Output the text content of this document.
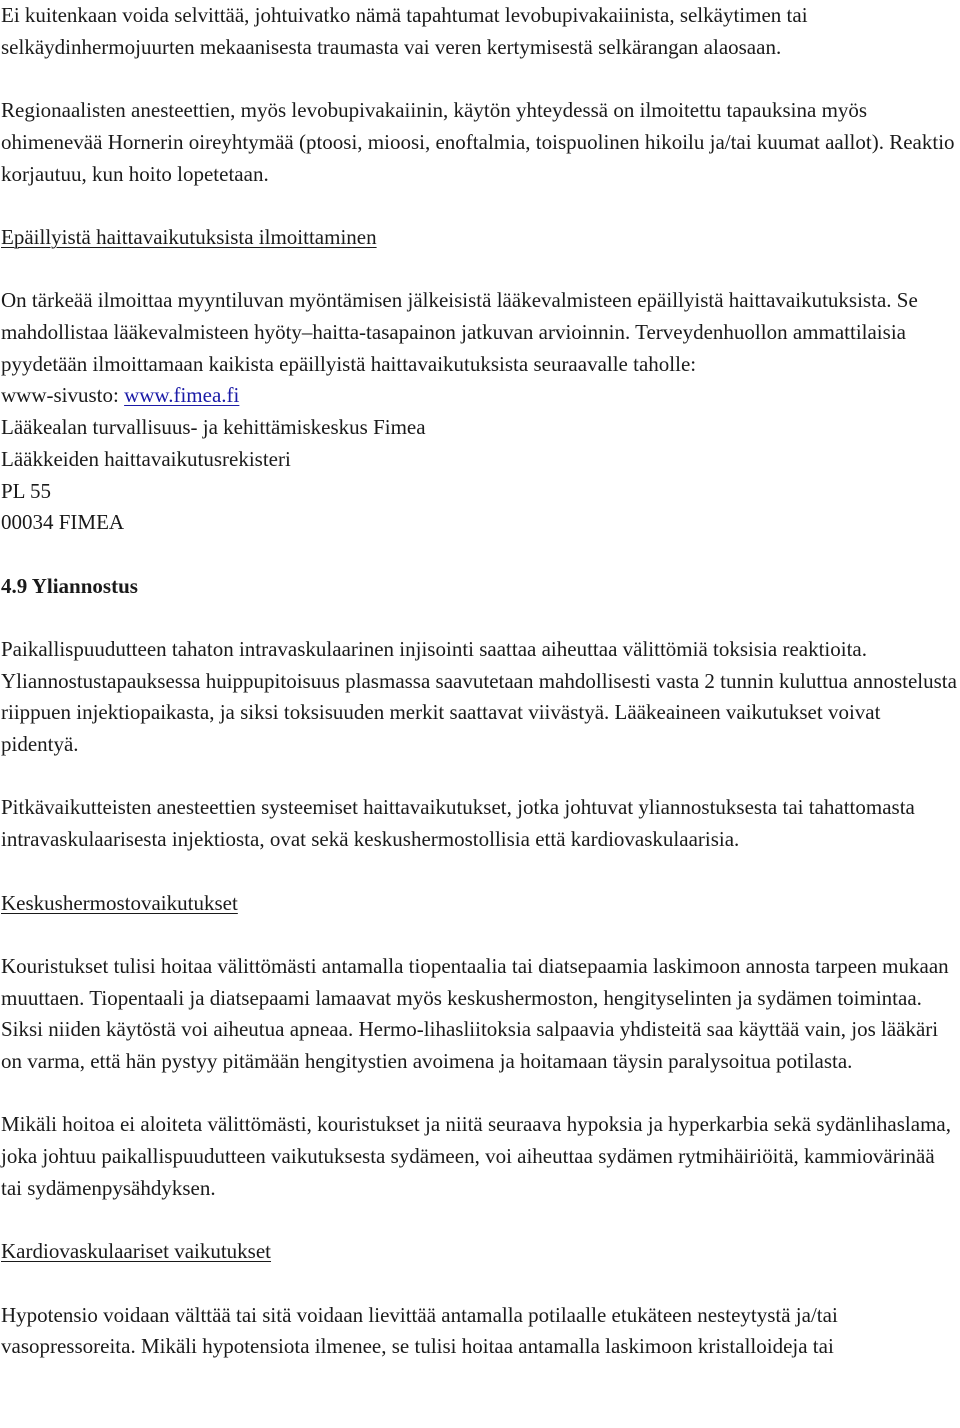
Ei kuitenkaan voida selvittää, johtuivatko nämä tapahtumat levobupivakaiinista, selkäytimen tai selkäydinhermojuurten mekaanisesta traumasta vai veren kertymisestä selkärangan alaosaan.

Regionaalisten anesteettien, myös levobupivakaiinin, käytön yhteydessä on ilmoitettu tapauksina myös ohimenevää Hornerin oireyhtymää (ptoosi, mioosi, enoftalmia, toispuolinen hikoilu ja/tai kuumat aallot). Reaktio korjautuu, kun hoito lopetetaan.

Epäillyistä haittavaikutuksista ilmoittaminen

On tärkeää ilmoittaa myyntiluvan myöntämisen jälkeisistä lääkevalmisteen epäillyistä haittavaikutuksista. Se mahdollistaa lääkevalmisteen hyöty–haitta-tasapainon jatkuvan arvioinnin. Terveydenhuollon ammattilaisia pyydetään ilmoittamaan kaikista epäillyistä haittavaikutuksista seuraavalle taholle:

www-sivusto: www.fimea.fi

Lääkealan turvallisuus- ja kehittämiskeskus Fimea

Lääkkeiden haittavaikutusrekisteri

PL 55

00034 FIMEA

4.9 Yliannostus

Paikallispuudutteen tahaton intravaskulaarinen injisointi saattaa aiheuttaa välittömiä toksisia reaktioita. Yliannostustapauksessa huippupitoisuus plasmassa saavutetaan mahdollisesti vasta 2 tunnin kuluttua annostelusta riippuen injektiopaikasta, ja siksi toksisuuden merkit saattavat viivästyä. Lääkeaineen vaikutukset voivat pidentyä.

Pitkävaikutteisten anesteettien systeemiset haittavaikutukset, jotka johtuvat yliannostuksesta tai tahattomasta intravaskulaarisesta injektiosta, ovat sekä keskushermostollisia että kardiovaskulaarisia.

Keskushermostovaikutukset

Kouristukset tulisi hoitaa välittömästi antamalla tiopentaalia tai diatsepaamia laskimoon annosta tarpeen mukaan muuttaen. Tiopentaali ja diatsepaami lamaavat myös keskushermoston, hengityselinten ja sydämen toimintaa. Siksi niiden käytöstä voi aiheutua apneaa. Hermo-lihasliitoksia salpaavia yhdisteitä saa käyttää vain, jos lääkäri on varma, että hän pystyy pitämään hengitystien avoimena ja hoitamaan täysin paralysoitua potilasta.

Mikäli hoitoa ei aloiteta välittömästi, kouristukset ja niitä seuraava hypoksia ja hyperkarbia sekä sydänlihaslama, joka johtuu paikallispuudutteen vaikutuksesta sydämeen, voi aiheuttaa sydämen rytmihäiriöitä, kammiovärinää tai sydämenpysähdyksen.

Kardiovaskulaariset vaikutukset

Hypotensio voidaan välttää tai sitä voidaan lievittää antamalla potilaalle etukäteen nesteytystä ja/tai vasopressoreita. Mikäli hypotensiota ilmenee, se tulisi hoitaa antamalla laskimoon kristalloideja tai
